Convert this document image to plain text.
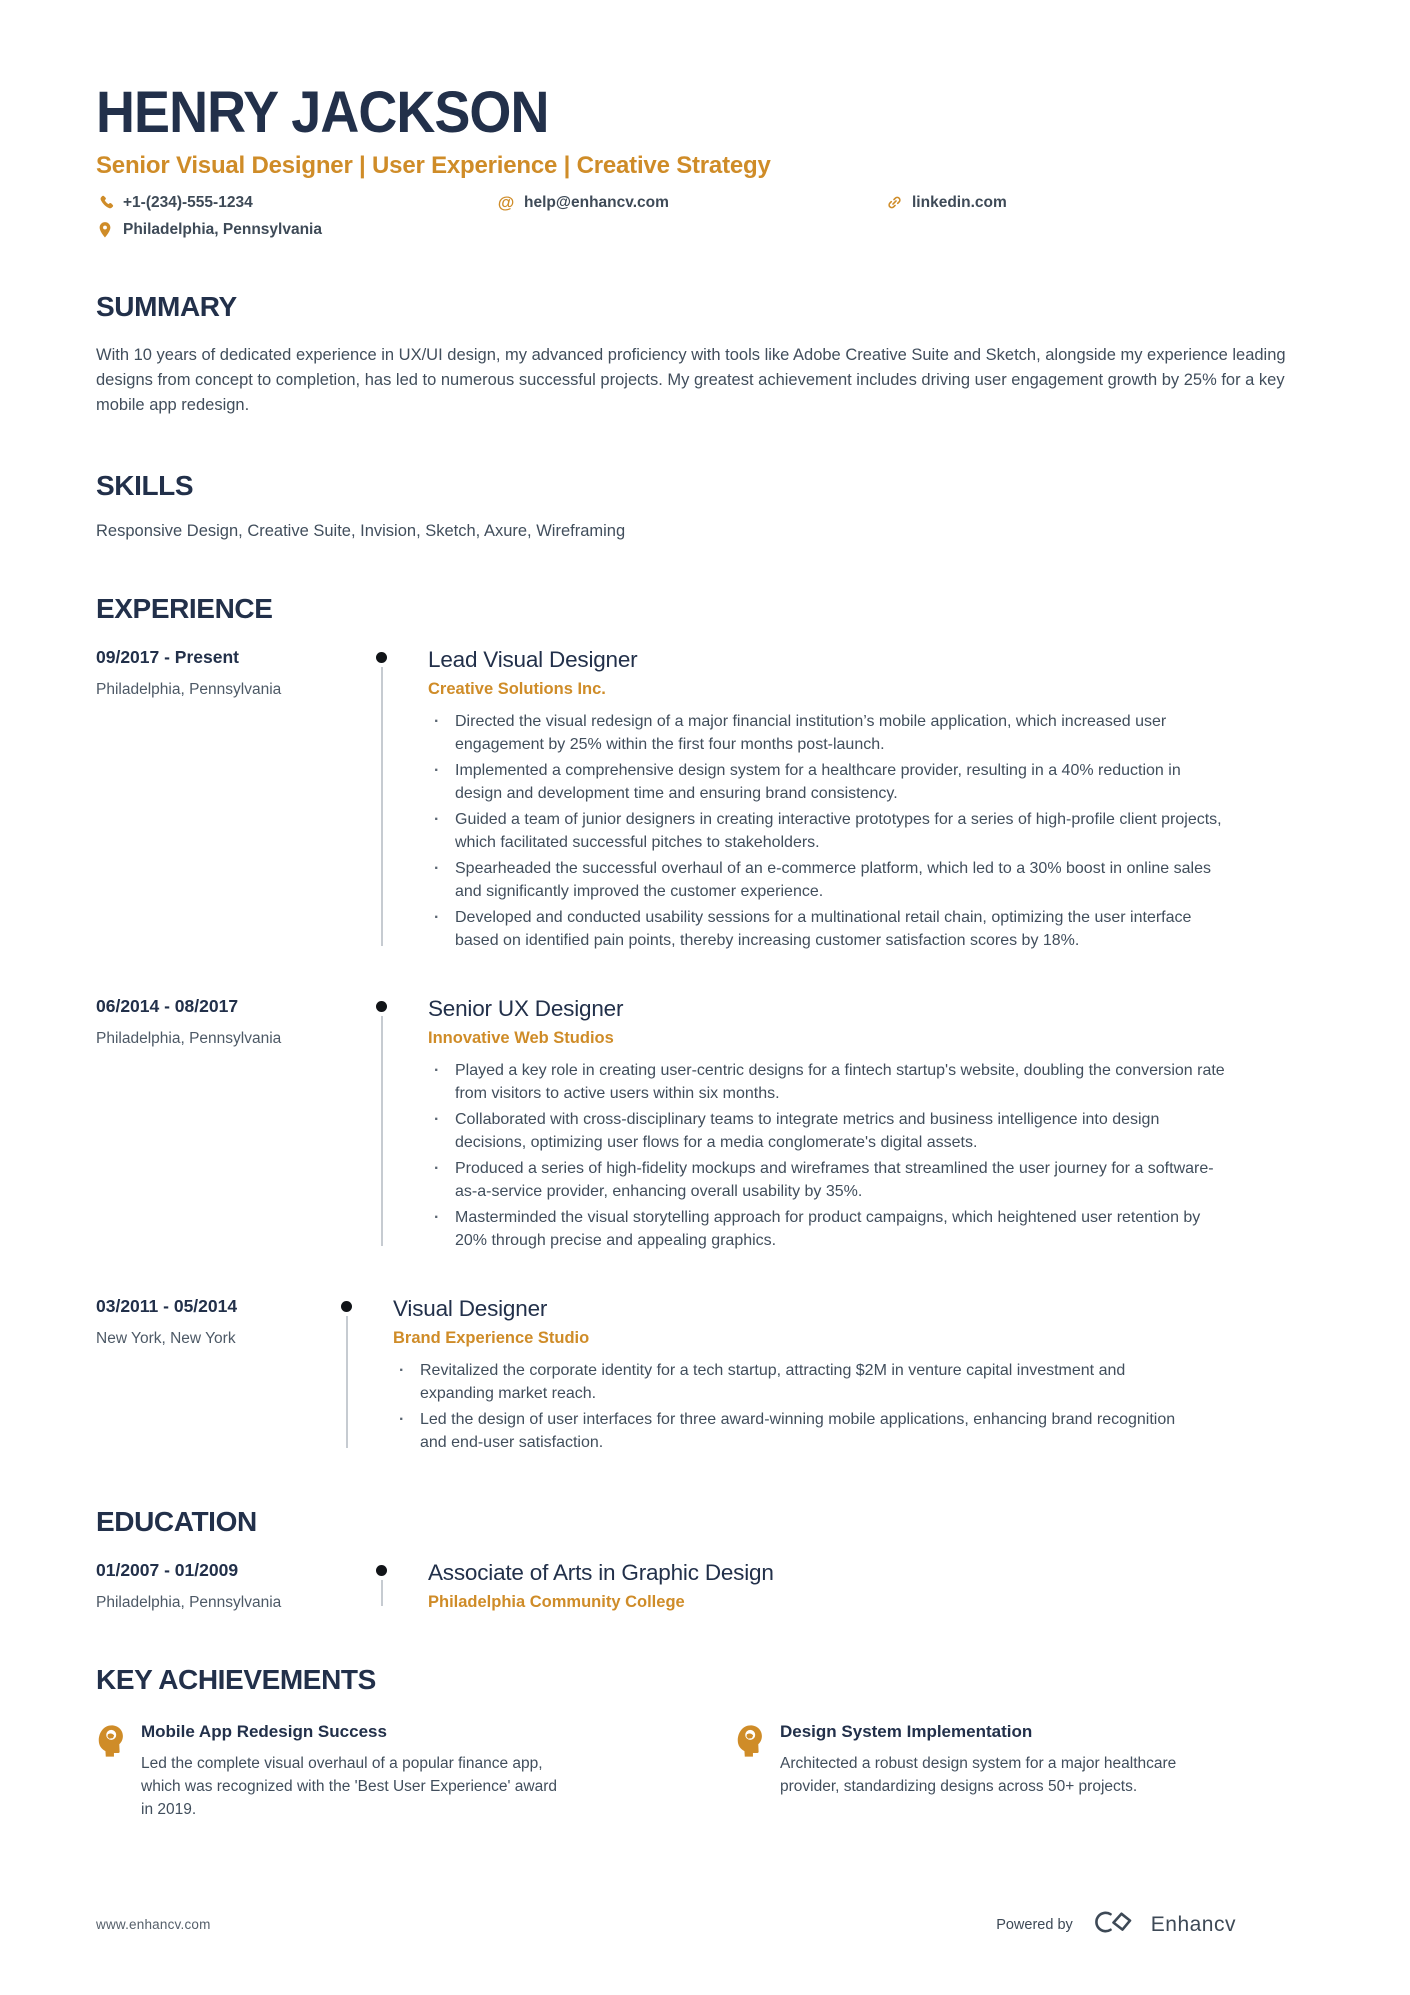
HENRY JACKSON
Senior Visual Designer | User Experience | Creative Strategy
+1-(234)-555-1234	@ help@enhancv.com	linkedin.com
Philadelphia, Pennsylvania
SUMMARY

With 10 years of dedicated experience in UX/UI design, my advanced proficiency with tools like Adobe Creative Suite and Sketch, alongside my experience leading designs from concept to completion, has led to numerous successful projects. My greatest achievement includes driving user engagement growth by 25% for a key mobile app redesign.

SKILLS

Responsive Design, Creative Suite, Invision, Sketch, Axure, Wireframing

EXPERIENCE
09/2017 - Present
Philadelphia, Pennsylvania
Lead Visual Designer
Creative Solutions Inc.
· Directed the visual redesign of a major financial institution’s mobile application, which increased user engagement by 25% within the first four months post-launch.
· Implemented a comprehensive design system for a healthcare provider, resulting in a 40% reduction in design and development time and ensuring brand consistency.
· Guided a team of junior designers in creating interactive prototypes for a series of high-profile client projects, which facilitated successful pitches to stakeholders.
· Spearheaded the successful overhaul of an e-commerce platform, which led to a 30% boost in online sales and significantly improved the customer experience.
· Developed and conducted usability sessions for a multinational retail chain, optimizing the user interface based on identified pain points, thereby increasing customer satisfaction scores by 18%.
06/2014 - 08/2017
Philadelphia, Pennsylvania
Senior UX Designer
Innovative Web Studios
· Played a key role in creating user-centric designs for a fintech startup's website, doubling the conversion rate from visitors to active users within six months.
· Collaborated with cross-disciplinary teams to integrate metrics and business intelligence into design decisions, optimizing user flows for a media conglomerate's digital assets.
· Produced a series of high-fidelity mockups and wireframes that streamlined the user journey for a software-as-a-service provider, enhancing overall usability by 35%.
· Masterminded the visual storytelling approach for product campaigns, which heightened user retention by 20% through precise and appealing graphics.
03/2011 - 05/2014
New York, New York
Visual Designer
Brand Experience Studio
· Revitalized the corporate identity for a tech startup, attracting $2M in venture capital investment and expanding market reach.
· Led the design of user interfaces for three award-winning mobile applications, enhancing brand recognition and end-user satisfaction.
EDUCATION
01/2007 - 01/2009
Philadelphia, Pennsylvania
Associate of Arts in Graphic Design
Philadelphia Community College
KEY ACHIEVEMENTS
Mobile App Redesign Success
Led the complete visual overhaul of a popular finance app, which was recognized with the 'Best User Experience' award in 2019.
Design System Implementation
Architected a robust design system for a major healthcare provider, standardizing designs across 50+ projects.
www.enhancv.com	Powered by	Enhancv
